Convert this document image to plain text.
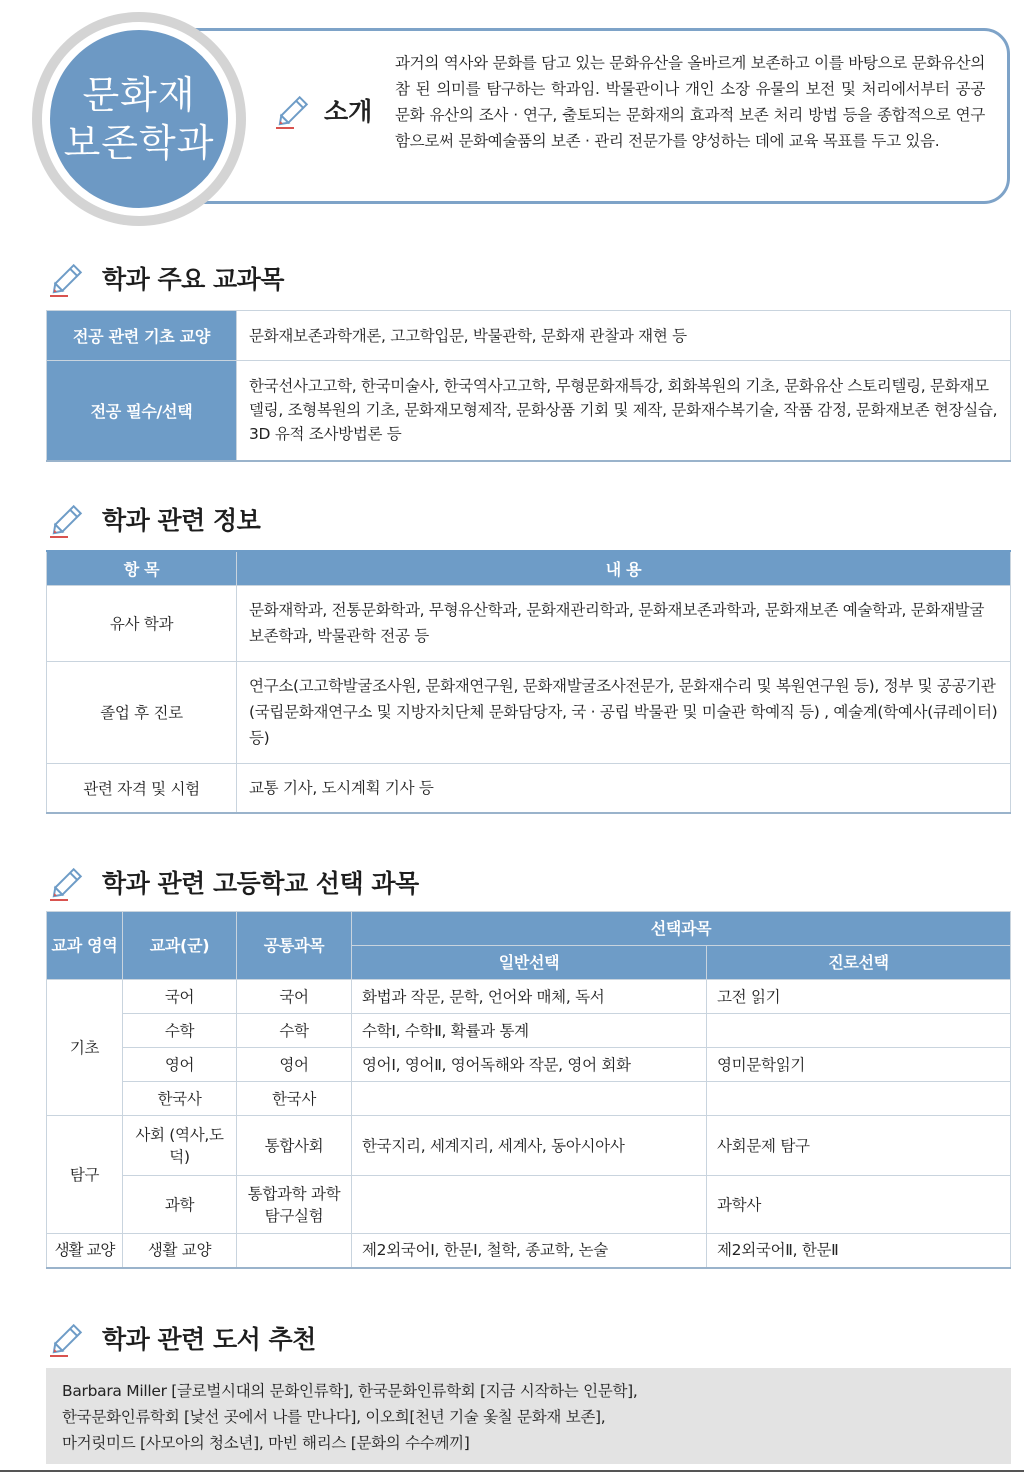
문화재
보존학과
소개
과거의 역사와 문화를 담고 있는 문화유산을 올바르게 보존하고 이를 바탕으로 문화유산의 참 된 의미를 탐구하는 학과임. 박물관이나 개인 소장 유물의 보전 및 처리에서부터 공공 문화 유산의 조사 · 연구, 출토되는 문화재의 효과적 보존 처리 방법 등을 종합적으로 연구함으로써 문화예술품의 보존 · 관리 전문가를 양성하는 데에 교육 목표를 두고 있음.
학과 주요 교과목
전공 관련 기초 교양	문화재보존과학개론, 고고학입문, 박물관학, 문화재 관찰과 재현 등
전공 필수/선택	한국선사고고학, 한국미술사, 한국역사고고학, 무형문화재특강, 회화복원의 기초, 문화유산 스토리텔링, 문화재모델링, 조형복원의 기초, 문화재모형제작, 문화상품 기회 및 제작, 문화재수복기술, 작품 감정, 문화재보존 현장실습, 3D 유적 조사방법론 등
학과 관련 정보
항 목	내 용
유사 학과	문화재학과, 전통문화학과, 무형유산학과, 문화재관리학과, 문화재보존과학과, 문화재보존 예술학과, 문화재발굴보존학과, 박물관학 전공 등
졸업 후 진로	연구소(고고학발굴조사원, 문화재연구원, 문화재발굴조사전문가, 문화재수리 및 복원연구원 등), 정부 및 공공기관(국립문화재연구소 및 지방자치단체 문화담당자, 국 · 공립 박물관 및 미술관 학예직 등) , 예술계(학예사(큐레이터) 등)
관련 자격 및 시험	교통 기사, 도시계획 기사 등
학과 관련 고등학교 선택 과목
교과 영역	교과(군)	공통과목	선택과목	
			일반선택	진로선택
기초	국어	국어	화법과 작문, 문학, 언어와 매체, 독서	고전 읽기
	수학	수학	수학Ⅰ, 수학Ⅱ, 확률과 통계	
	영어	영어	영어Ⅰ, 영어Ⅱ, 영어독해와 작문, 영어 회화	영미문학읽기
	한국사	한국사		
탐구	사회 (역사,도덕)	통합사회	한국지리, 세계지리, 세계사, 동아시아사	사회문제 탐구
	과학	통합과학 과학탐구실험		과학사
생활 교양	생활 교양		제2외국어Ⅰ, 한문Ⅰ, 철학, 종교학, 논술	제2외국어Ⅱ, 한문Ⅱ
학과 관련 도서 추천
Barbara Miller [글로벌시대의 문화인류학], 한국문화인류학회 [지금 시작하는 인문학],
한국문화인류학회 [낯선 곳에서 나를 만나다], 이오희[천년 기술 옻칠 문화재 보존],
마거릿미드 [사모아의 청소년], 마빈 해리스 [문화의 수수께끼]
